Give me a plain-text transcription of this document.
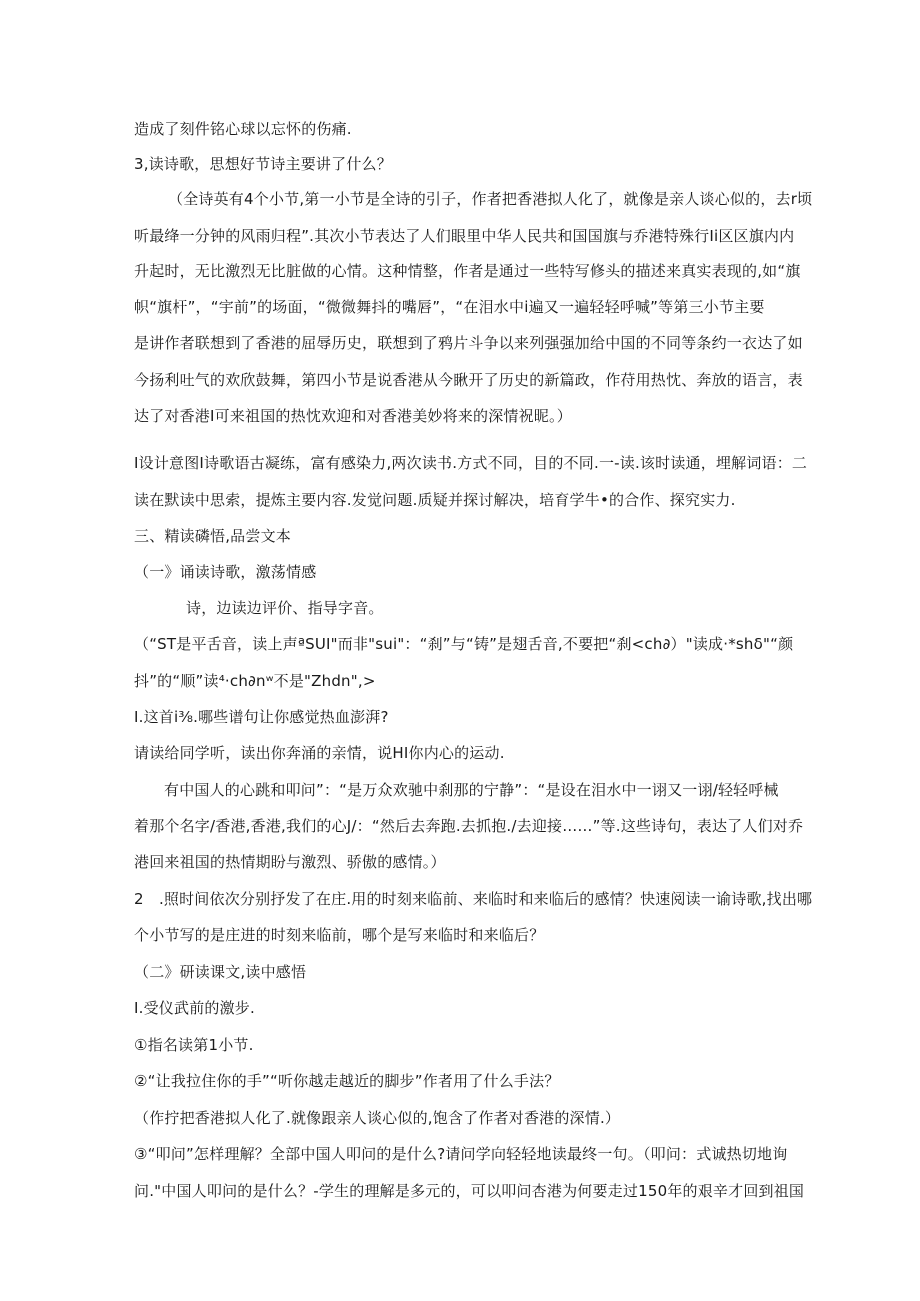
造成了刻件铭心球以忘怀的伤痛.
3,读诗歌，思想好节诗主要讲了什么？
（全诗英有4个小节,第一小节是全诗的引子，作者把香港拟人化了，就像是亲人谈心似的，去r顷
听最绛一分钟的风雨归程”.其次小节表达了人们眼里中华人民共和国国旗与乔港特殊行Ii区区旗内内
升起时，无比激烈无比脏做的心情。这种情整，作者是通过一些特写修头的描述来真实表现的,如“旗
帜“旗杆”，“宇前”的场面，“微微舞抖的嘴唇”，“在泪水中i遍又一遍轻轻呼喊”等第三小节主要
是讲作者联想到了香港的屈辱历史，联想到了鸦片斗争以来列强强加给中国的不同等条约一衣达了如
今扬利吐气的欢欣鼓舞，第四小节是说香港从今瞅开了历史的新篇政，作苻用热忱、奔放的语言，表
达了对香港I可来祖国的热忱欢迎和对香港美妙将来的深情祝昵。）
I设计意图I诗歌语古凝练，富有感染力,两次读书.方式不同，目的不同.一-读.该时读通，埋解词语：二
读在默读中思索，提炼主要内容.发觉问题.质疑并探讨解决，培育学牛•的合作、探究实力.
三、精读磷悟,品尝文本
（一》诵读诗歌，激荡情感
诗，边读边评价、指导字音。
（“ST是平舌音，读上声ªSUI"而非"sui"：“刹”与“铸”是翅舌音,不要把“刹<ch∂）"读成·*shδ"“颜
抖”的“顺”读⁴·ch∂nʷ不是"Zhdn",>
I.这首i⅜.哪些谱句让你感觉热血澎湃?
请读给同学听，读出你奔涌的亲情，说HI你内心的运动.
有中国人的心跳和叩问”：“是万众欢驰中刹那的宁静”：“是设在泪水中一诩又一诩/轻轻呼械
着那个名字/香港,香港,我们的心J/：“然后去奔跑.去抓抱./去迎接……”等.这些诗句，表达了人们对乔
港回来祖国的热情期盼与激烈、骄傲的感情。）
2　.照时间依次分别抒发了在庄.用的时刻来临前、来临时和来临后的感情？快速阅读一谕诗歌,找出哪
个小节写的是庄进的时刻来临前，哪个是写来临时和来临后？
（二》研读课文,读中感悟
I.受仪武前的激步.
①指名读第1小节.
②“让我拉住你的手”“听你越走越近的脚步”作者用了什么手法？
（作拧把香港拟人化了.就像跟亲人谈心似的,饱含了作者对香港的深情.）
③“叩问”怎样理解？全部中国人叩问的是什么?请问学向轻轻地读最终一句。（叩问：式诚热切地询
问."中国人叩问的是什么？-学生的理解是多元的，可以叩问杏港为何要走过150年的艰辛才回到祖国
